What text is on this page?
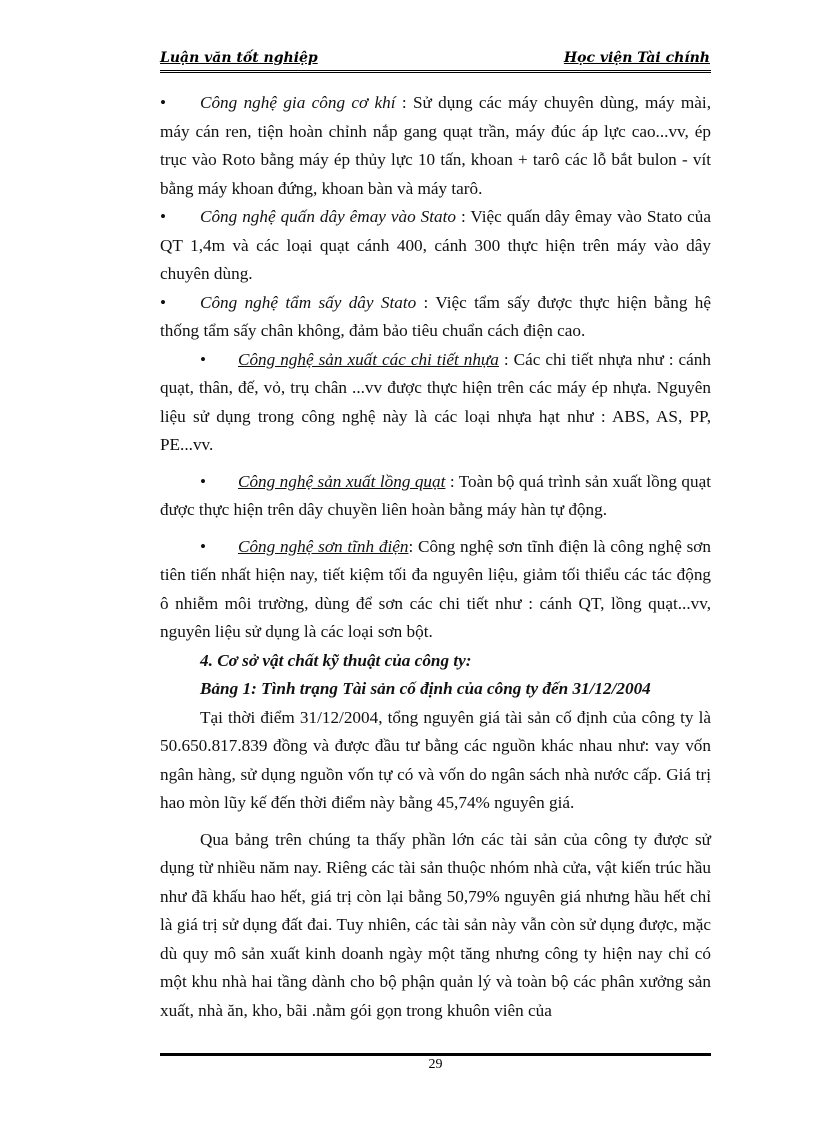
Luận văn tốt nghiệp	Học viện Tài chính

• Công nghệ gia công cơ khí : Sử dụng các máy chuyên dùng, máy mài, máy cán ren, tiện hoàn chỉnh nắp gang quạt trần, máy đúc áp lực cao...vv, ép trục vào Roto bằng máy ép thủy lực 10 tấn, khoan + tarô các lỗ bắt bulon - vít bằng máy khoan đứng, khoan bàn và máy tarô.

• Công nghệ quấn dây êmay vào Stato : Việc quấn dây êmay vào Stato của QT 1,4m và các loại quạt cánh 400, cánh 300 thực hiện trên máy vào dây chuyên dùng.

• Công nghệ tẩm sấy dây Stato : Việc tẩm sấy được thực hiện bằng hệ thống tẩm sấy chân không, đảm bảo tiêu chuẩn cách điện cao.

• Công nghệ sản xuất các chi tiết nhựa : Các chi tiết nhựa như : cánh quạt, thân, đế, vỏ, trụ chân ...vv được thực hiện trên các máy ép nhựa. Nguyên liệu sử dụng trong công nghệ này là các loại nhựa hạt như : ABS, AS, PP, PE...vv.

• Công nghệ sản xuất lồng quạt : Toàn bộ quá trình sản xuất lồng quạt được thực hiện trên dây chuyền liên hoàn bằng máy hàn tự động.

• Công nghệ sơn tĩnh điện: Công nghệ sơn tĩnh điện là công nghệ sơn tiên tiến nhất hiện nay, tiết kiệm tối đa nguyên liệu, giảm tối thiểu các tác động ô nhiễm môi trường, dùng để sơn các chi tiết như : cánh QT, lồng quạt...vv, nguyên liệu sử dụng là các loại sơn bột.

4. Cơ sở vật chất kỹ thuật của công ty:

Bảng 1: Tình trạng Tài sản cố định của công ty đến 31/12/2004

Tại thời điểm 31/12/2004, tổng nguyên giá tài sản cố định của công ty là 50.650.817.839 đồng và được đầu tư bằng các nguồn khác nhau như: vay vốn ngân hàng, sử dụng nguồn vốn tự có và vốn do ngân sách nhà nước cấp. Giá trị hao mòn lũy kế đến thời điểm này bằng 45,74% nguyên giá.

Qua bảng trên chúng ta thấy phần lớn các tài sản của công ty được sử dụng từ nhiều năm nay. Riêng các tài sản thuộc nhóm nhà cửa, vật kiến trúc hầu như đã khấu hao hết, giá trị còn lại bằng 50,79% nguyên giá nhưng hầu hết chỉ là giá trị sử dụng đất đai. Tuy nhiên, các tài sản này vẫn còn sử dụng được, mặc dù quy mô sản xuất kinh doanh ngày một tăng nhưng công ty hiện nay chỉ có một khu nhà hai tầng dành cho bộ phận quản lý và toàn bộ các phân xưởng sản xuất, nhà ăn, kho, bãi .nằm gói gọn trong khuôn viên của

29
